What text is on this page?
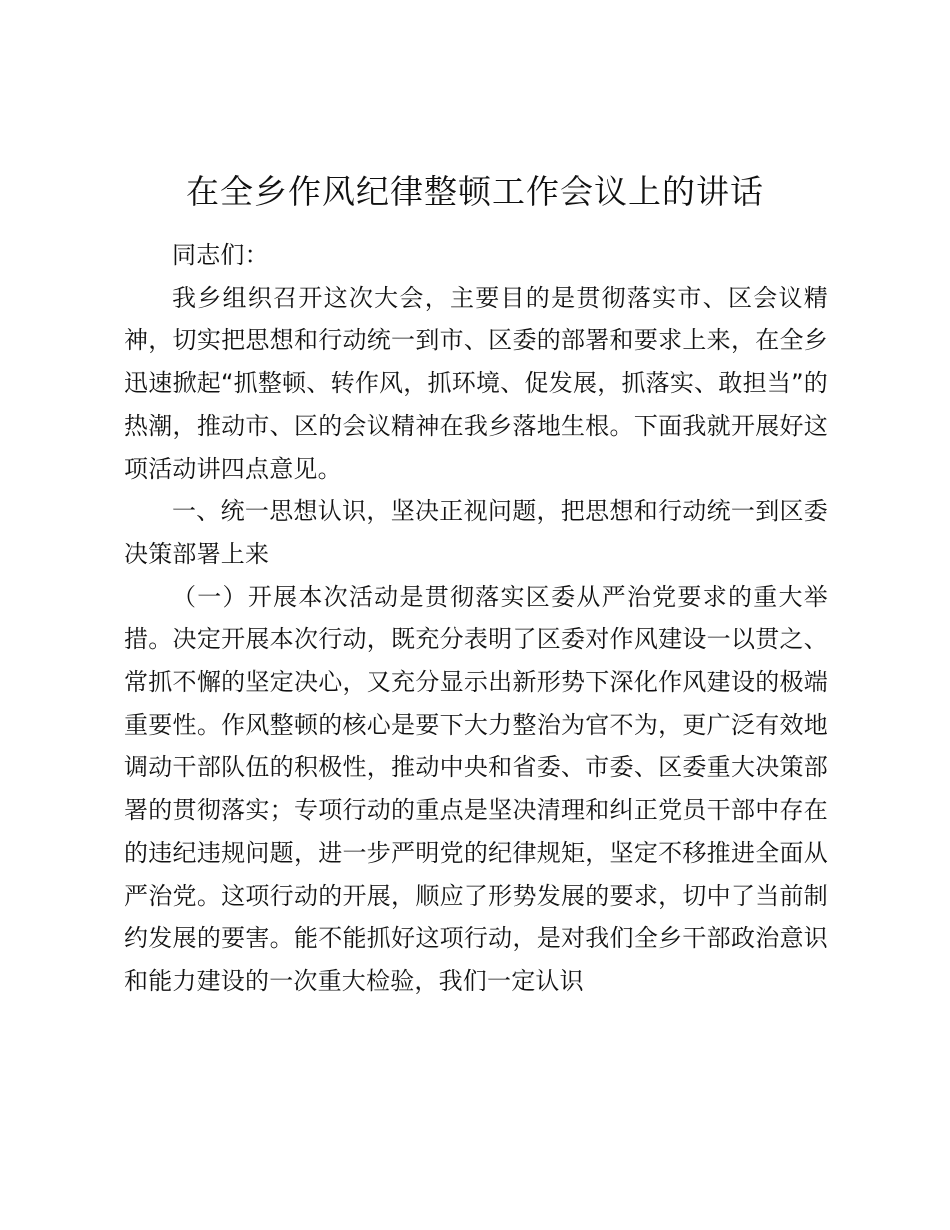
在全乡作风纪律整顿工作会议上的讲话

同志们：

我乡组织召开这次大会，主要目的是贯彻落实市、区会议精神，切实把思想和行动统一到市、区委的部署和要求上来，在全乡迅速掀起“抓整顿、转作风，抓环境、促发展，抓落实、敢担当”的热潮，推动市、区的会议精神在我乡落地生根。下面我就开展好这项活动讲四点意见。

一、统一思想认识，坚决正视问题，把思想和行动统一到区委决策部署上来

（一）开展本次活动是贯彻落实区委从严治党要求的重大举措。决定开展本次行动，既充分表明了区委对作风建设一以贯之、常抓不懈的坚定决心，又充分显示出新形势下深化作风建设的极端重要性。作风整顿的核心是要下大力整治为官不为，更广泛有效地调动干部队伍的积极性，推动中央和省委、市委、区委重大决策部署的贯彻落实；专项行动的重点是坚决清理和纠正党员干部中存在的违纪违规问题，进一步严明党的纪律规矩，坚定不移推进全面从严治党。这项行动的开展，顺应了形势发展的要求，切中了当前制约发展的要害。能不能抓好这项行动，是对我们全乡干部政治意识和能力建设的一次重大检验，我们一定认识
